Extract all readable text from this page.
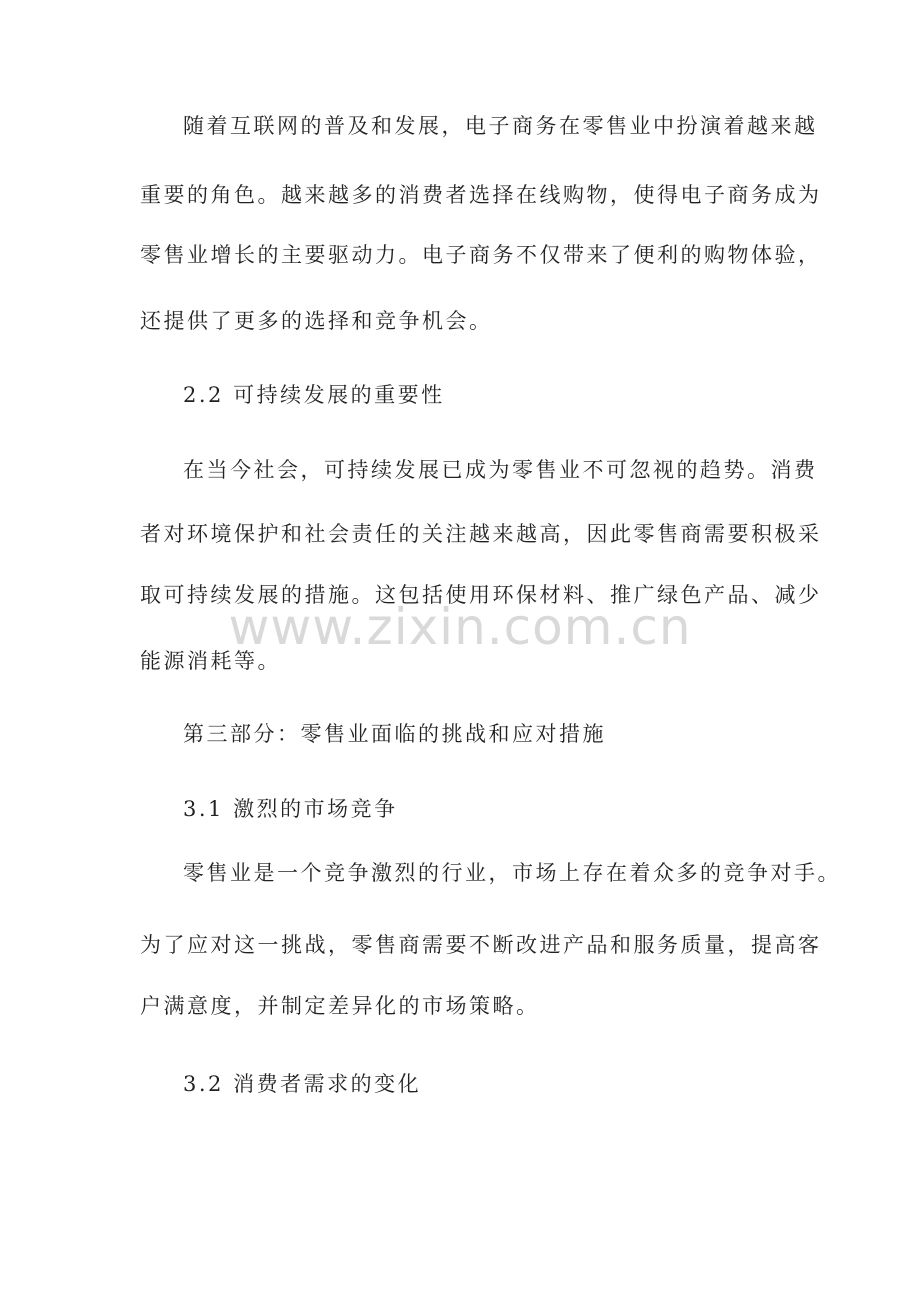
随着互联网的普及和发展，电子商务在零售业中扮演着越来越
重要的角色。越来越多的消费者选择在线购物，使得电子商务成为
零售业增长的主要驱动力。电子商务不仅带来了便利的购物体验，
还提供了更多的选择和竞争机会。
2.2 可持续发展的重要性
在当今社会，可持续发展已成为零售业不可忽视的趋势。消费
者对环境保护和社会责任的关注越来越高，因此零售商需要积极采
取可持续发展的措施。这包括使用环保材料、推广绿色产品、减少
能源消耗等。
第三部分：零售业面临的挑战和应对措施
3.1 激烈的市场竞争
零售业是一个竞争激烈的行业，市场上存在着众多的竞争对手。
为了应对这一挑战，零售商需要不断改进产品和服务质量，提高客
户满意度，并制定差异化的市场策略。
3.2 消费者需求的变化
www.zixin.com.cn
